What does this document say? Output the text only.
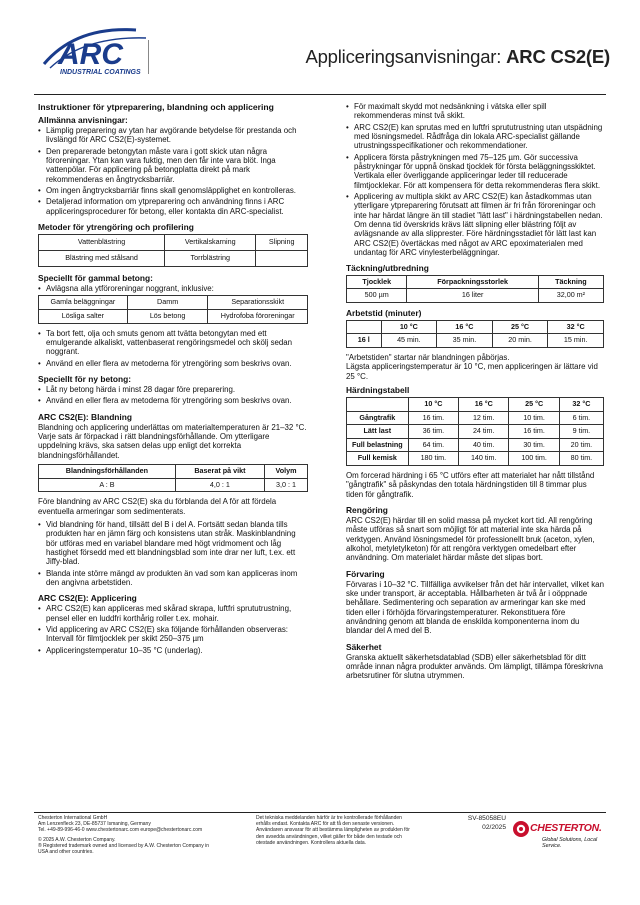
ARC
INDUSTRIAL COATINGS
Appliceringsanvisningar: ARC CS2(E)
Instruktioner för ytpreparering, blandning och applicering
Allmänna anvisningar:
• Lämplig preparering av ytan har avgörande betydelse för prestanda och livslängd för ARC CS2(E)-systemet.
• Den preparerade betongytan måste vara i gott skick utan några föroreningar. Ytan kan vara fuktig, men den får inte vara blöt. Inga vattenpölar. För applicering på betongplatta direkt på mark rekommenderas en ångtrycksbarriär.
• Om ingen ångtrycksbarriär finns skall genomsläpplighet en kontrolleras.
• Detaljerad information om ytpreparering och användning finns i ARC appliceringsprocedurer för betong, eller kontakta din ARC-specialist.
Metoder för ytrengöring och profilering
Vattenblästring	Vertikalskarning	Slipning
Blästring med stålsand	Torrblästring	
Speciellt för gammal betong:
• Avlägsna alla ytföroreningar noggrant, inklusive:
Gamla beläggningar	Damm	Separationsskikt
Lösliga salter	Lös betong	Hydrofoba föroreningar
• Ta bort fett, olja och smuts genom att tvätta betongytan med ett emulgerande alkaliskt, vattenbaserat rengöringsmedel och skölj sedan noggrant.
• Använd en eller flera av metoderna för ytrengöring som beskrivs ovan.
Speciellt för ny betong:
• Låt ny betong härda i minst 28 dagar före preparering.
• Använd en eller flera av metoderna för ytrengöring som beskrivs ovan.
ARC CS2(E): Blandning

Blandning och applicering underlättas om materialtemperaturen är 21–32 °C. Varje sats är förpackad i rätt blandningsförhållande. Om ytterligare uppdelning krävs, ska satsen delas upp enligt det korrekta blandningsförhållandet.

Blandningsförhållanden	Baserat på vikt	Volym
A : B	4,0 : 1	3,0 : 1

Före blandning av ARC CS2(E) ska du förblanda del A för att fördela eventuella armeringar som sedimenterats.

• Vid blandning för hand, tillsätt del B i del A. Fortsätt sedan blanda tills produkten har en jämn färg och konsistens utan stråk. Maskinblandning bör utföras med en variabel blandare med högt vridmoment och låg hastighet försedd med ett blandningsblad som inte drar ner luft, t.ex. ett Jiffy-blad.
• Blanda inte större mängd av produkten än vad som kan appliceras inom den angivna arbetstiden.
ARC CS2(E): Applicering
• ARC CS2(E) kan appliceras med skårad skrapa, luftfri sprututrustning, pensel eller en luddfri korthårig roller t.ex. mohair.
• Vid applicering av ARC CS2(E) ska följande förhållanden observeras: Intervall för filmtjocklek per skikt 250–375 µm
• Appliceringstemperatur 10–35 °C (underlag).
• För maximalt skydd mot nedsänkning i vätska eller spill rekommenderas minst två skikt.
• ARC CS2(E) kan sprutas med en luftfri sprututrustning utan utspädning med lösningsmedel. Rådfråga din lokala ARC-specialist gällande utrustningsspecifikationer och rekommendationer.
• Applicera första påstrykningen med 75–125 µm. Gör successiva påstrykningar för uppnå önskad tjocklek för första beläggningsskiktet. Vertikala eller överliggande appliceringar leder till reducerade filmtjocklekar. För att kompensera för detta rekommenderas flera skikt.
• Applicering av multipla skikt av ARC CS2(E) kan åstadkommas utan ytterligare ytpreparering förutsatt att filmen är fri från föroreningar och inte har härdat längre än till stadiet "lätt last" i härdningstabellen nedan. Om denna tid överskrids krävs lätt slipning eller blästring följt av avlägsnande av alla slipprester. Före härdningsstadiet för lätt last kan ARC CS2(E) övertäckas med något av ARC epoximaterialen med undantag för ARC vinylesterbeläggningar.
Täckning/utbredning
Tjocklek	Förpackningsstorlek	Täckning
500 µm	16 liter	32,00 m²
Arbetstid (minuter)
	10 °C	16 °C	25 °C	32 °C
16 l	45 min.	35 min.	20 min.	15 min.

"Arbetstiden" startar när blandningen påbörjas.

Lägsta appliceringstemperatur är 10 °C, men appliceringen är lättare vid 25 °C.

Härdningstabell
	10 °C	16 °C	25 °C	32 °C
Gångtrafik	16 tim.	12 tim.	10 tim.	6 tim.
Lätt last	36 tim.	24 tim.	16 tim.	9 tim.
Full belastning	64 tim.	40 tim.	30 tim.	20 tim.
Full kemisk	180 tim.	140 tim.	100 tim.	80 tim.

Om forcerad härdning i 65 °C utförs efter att materialet har nått tillstånd "gångtrafik" så påskyndas den totala härdningstiden till 8 timmar plus tiden för gångtrafik.

Rengöring

ARC CS2(E) härdar till en solid massa på mycket kort tid. All rengöring måste utföras så snart som möjligt för att material inte ska härda på verktygen. Använd lösningsmedel för professionellt bruk (aceton, xylen, alkohol, metyletylketon) för att rengöra verktygen omedelbart efter användning. Om materialet härdar måste det slipas bort.

Förvaring

Förvaras i 10–32 °C. Tillfälliga avvikelser från det här intervallet, vilket kan ske under transport, är acceptabla. Hållbarheten är två år i oöppnade behållare. Sedimentering och separation av armeringar kan ske med tiden eller i förhöjda förvaringstemperaturer. Rekonstituera före användning genom att blanda de enskilda komponenterna inom du blandar del A med del B.

Säkerhet

Granska aktuellt säkerhetsdatablad (SDB) eller säkerhetsblad för ditt område innan några produkter används. Om lämpligt, tillämpa föreskrivna arbetsrutiner för slutna utrymmen.

Chesterton International GmbH
Am Lenzenfleck 23, DE-85737 Ismaning, Germany
Tel. +49-89-996-46-0 www.chestertonarc.com europe@chestertonarc.com
© 2025 A.W. Chesterton Company.
® Registered trademark owned and licensed by A.W. Chesterton Company in USA and other countries.
Det tekniska meddelanden härför är tre kontrollerade förhållanden erhålls endast. Kontakta ARC för att få den senaste versionen. Användaren ansvarar för att bestämma lämpligheten av produkten för den avsedda användningen, vilket gäller för både den testade och otestade användningen. Kontrollera aktuella data.
SV-85058EU
02/2025 CHESTERTON.
Global Solutions, Local Service.
